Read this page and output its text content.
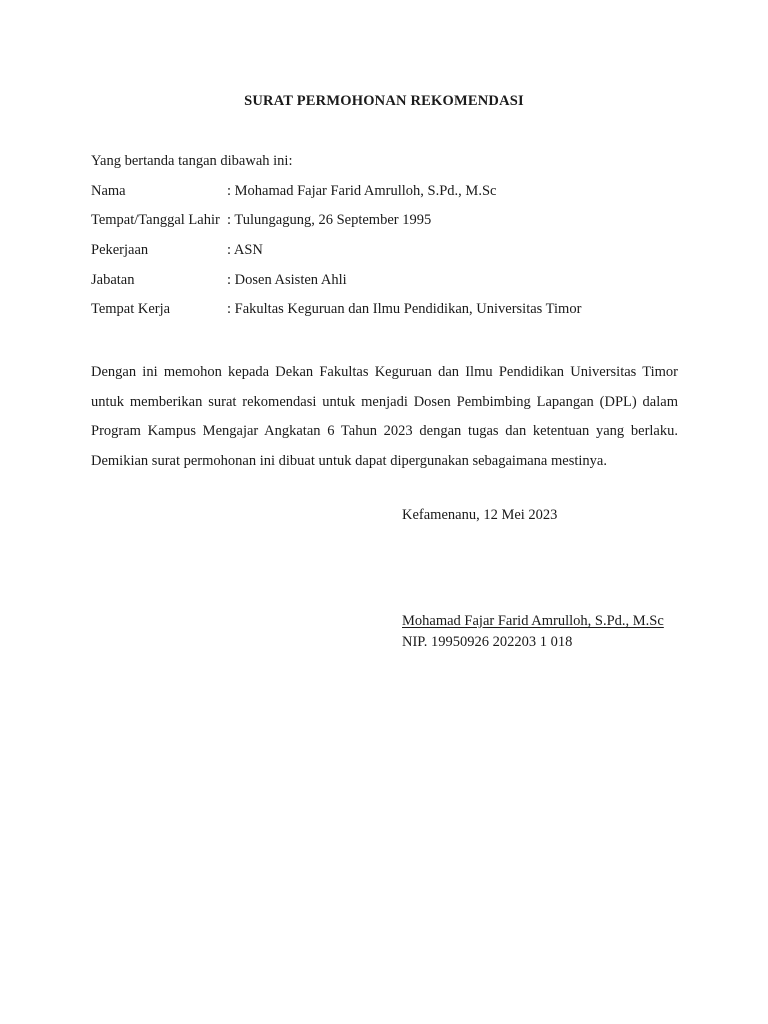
SURAT PERMOHONAN REKOMENDASI
Yang bertanda tangan dibawah ini:
Nama	: Mohamad Fajar Farid Amrulloh, S.Pd., M.Sc
Tempat/Tanggal Lahir : Tulungagung, 26 September 1995
Pekerjaan	: ASN
Jabatan	: Dosen Asisten Ahli
Tempat Kerja	: Fakultas Keguruan dan Ilmu Pendidikan, Universitas Timor
Dengan ini memohon kepada Dekan Fakultas Keguruan dan Ilmu Pendidikan Universitas Timor untuk memberikan surat rekomendasi untuk menjadi Dosen Pembimbing Lapangan (DPL) dalam Program Kampus Mengajar Angkatan 6 Tahun 2023 dengan tugas dan ketentuan yang berlaku. Demikian surat permohonan ini dibuat untuk dapat dipergunakan sebagaimana mestinya.
Kefamenanu, 12 Mei 2023
Mohamad Fajar Farid Amrulloh, S.Pd., M.Sc
NIP. 19950926 202203 1 018
